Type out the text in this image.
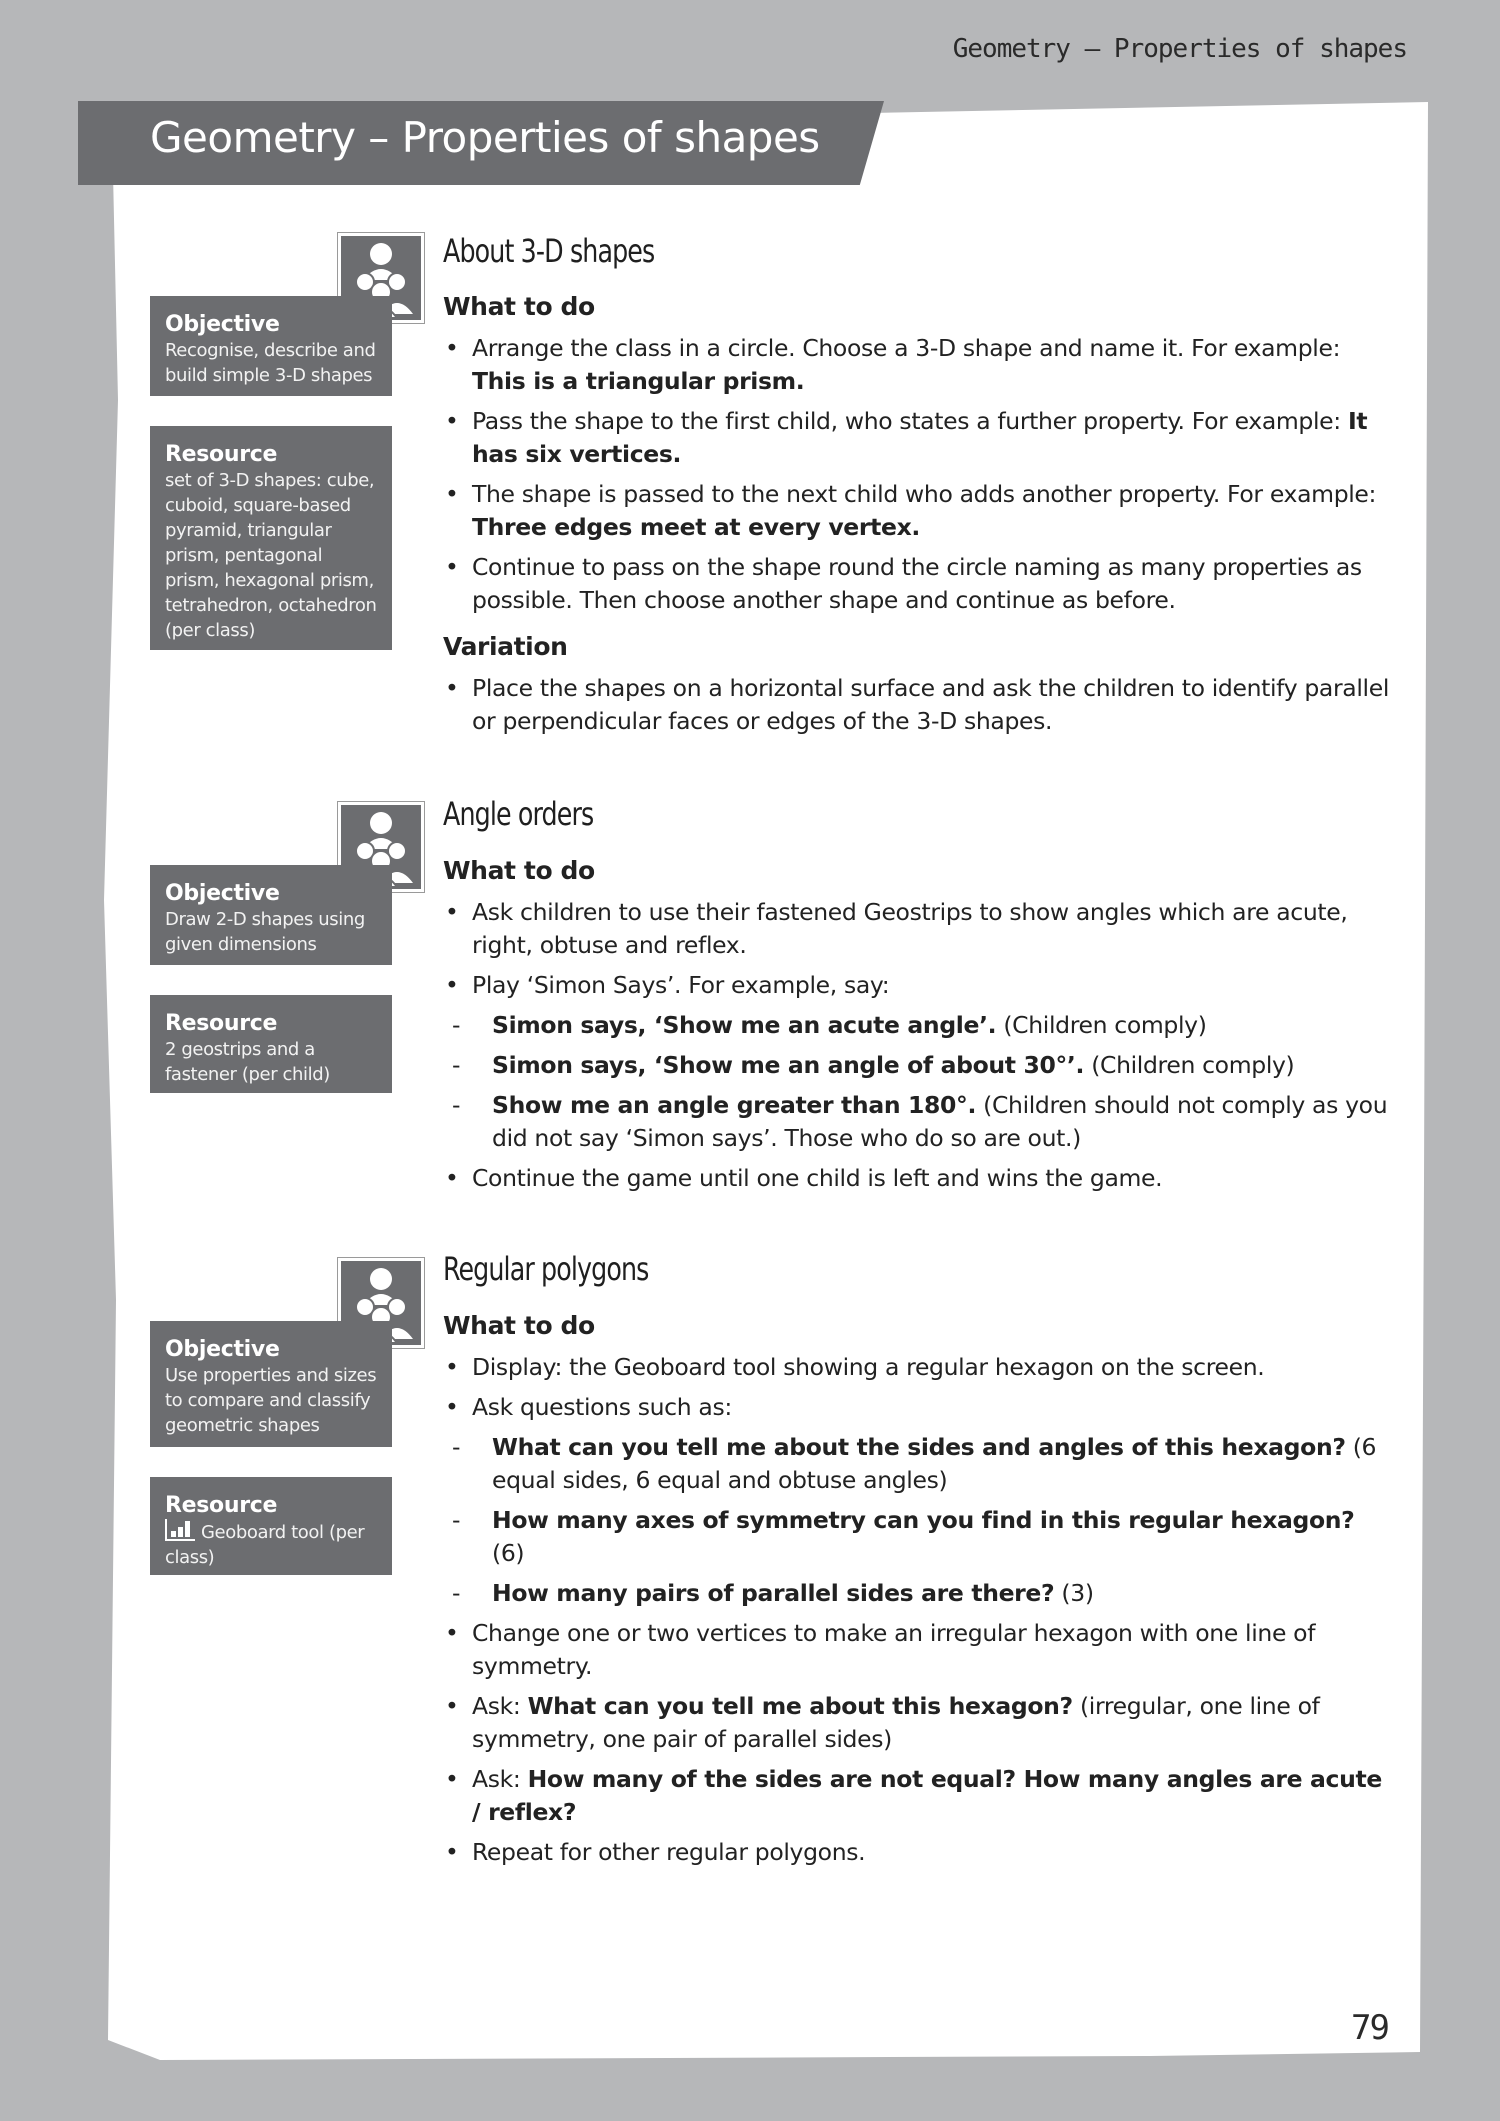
Geometry – Properties of shapes
Geometry – Properties of shapes
Objective
Recognise, describe and build simple 3-D shapes
Resource
set of 3-D shapes: cube, cuboid, square-based pyramid, triangular prism, pentagonal prism, hexagonal prism, tetrahedron, octahedron (per class)
About 3-D shapes
What to do
• Arrange the class in a circle. Choose a 3-D shape and name it. For example: This is a triangular prism.
• Pass the shape to the first child, who states a further property. For example: It has six vertices.
• The shape is passed to the next child who adds another property. For example: Three edges meet at every vertex.
• Continue to pass on the shape round the circle naming as many properties as possible. Then choose another shape and continue as before.
Variation
• Place the shapes on a horizontal surface and ask the children to identify parallel or perpendicular faces or edges of the 3-D shapes.
Objective
Draw 2-D shapes using given dimensions
Resource
2 geostrips and a fastener (per child)
Angle orders
What to do
• Ask children to use their fastened Geostrips to show angles which are acute, right, obtuse and reflex.
• Play ‘Simon Says’. For example, say:
- Simon says, ‘Show me an acute angle’. (Children comply)
- Simon says, ‘Show me an angle of about 30°’. (Children comply)
- Show me an angle greater than 180°. (Children should not comply as you did not say ‘Simon says’. Those who do so are out.)
• Continue the game until one child is left and wins the game.
Objective
Use properties and sizes to compare and classify geometric shapes
Resource
Geoboard tool (per class)
Regular polygons
What to do
• Display: the Geoboard tool showing a regular hexagon on the screen.
• Ask questions such as:
- What can you tell me about the sides and angles of this hexagon? (6 equal sides, 6 equal and obtuse angles)
- How many axes of symmetry can you find in this regular hexagon? (6)
- How many pairs of parallel sides are there? (3)
• Change one or two vertices to make an irregular hexagon with one line of symmetry.
• Ask: What can you tell me about this hexagon? (irregular, one line of symmetry, one pair of parallel sides)
• Ask: How many of the sides are not equal? How many angles are acute / reflex?
• Repeat for other regular polygons.
79
